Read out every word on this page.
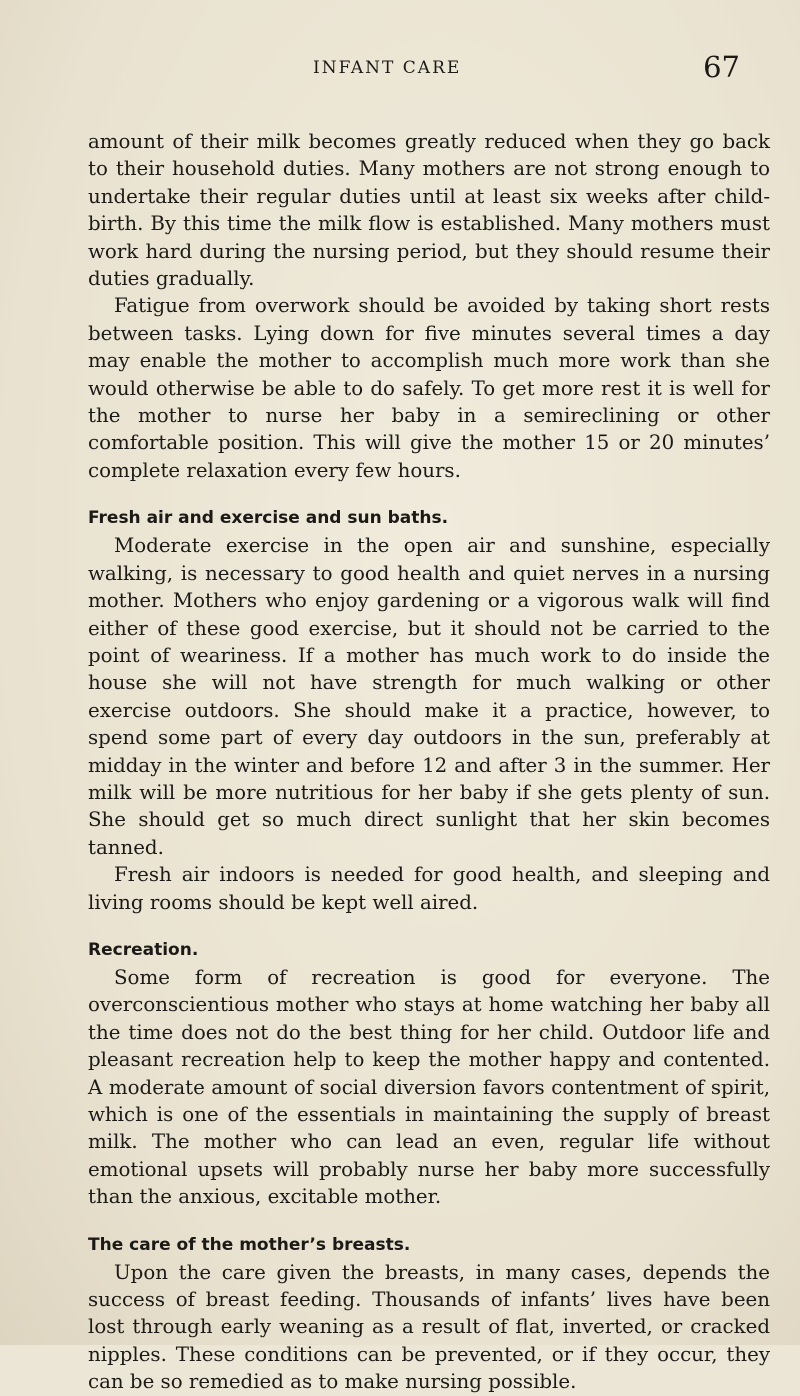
INFANT CARE	67

amount of their milk becomes greatly reduced when they go back to their household duties. Many mothers are not strong enough to undertake their regular duties until at least six weeks after child-birth. By this time the milk flow is established. Many mothers must work hard during the nursing period, but they should resume their duties gradually.

Fatigue from overwork should be avoided by taking short rests between tasks. Lying down for five minutes several times a day may enable the mother to accomplish much more work than she would otherwise be able to do safely. To get more rest it is well for the mother to nurse her baby in a semireclining or other comfortable position. This will give the mother 15 or 20 minutes’ complete relaxation every few hours.

Fresh air and exercise and sun baths.

Moderate exercise in the open air and sunshine, especially walking, is necessary to good health and quiet nerves in a nursing mother. Mothers who enjoy gardening or a vigorous walk will find either of these good exercise, but it should not be carried to the point of weariness. If a mother has much work to do inside the house she will not have strength for much walking or other exercise outdoors. She should make it a practice, however, to spend some part of every day outdoors in the sun, preferably at midday in the winter and before 12 and after 3 in the summer. Her milk will be more nutritious for her baby if she gets plenty of sun. She should get so much direct sunlight that her skin becomes tanned.

Fresh air indoors is needed for good health, and sleeping and living rooms should be kept well aired.

Recreation.

Some form of recreation is good for everyone. The overconscientious mother who stays at home watching her baby all the time does not do the best thing for her child. Outdoor life and pleasant recreation help to keep the mother happy and contented. A moderate amount of social diversion favors contentment of spirit, which is one of the essentials in maintaining the supply of breast milk. The mother who can lead an even, regular life without emotional upsets will probably nurse her baby more successfully than the anxious, excitable mother.

The care of the mother’s breasts.

Upon the care given the breasts, in many cases, depends the success of breast feeding. Thousands of infants’ lives have been lost through early weaning as a result of flat, inverted, or cracked nipples. These conditions can be prevented, or if they occur, they can be so remedied as to make nursing possible.
